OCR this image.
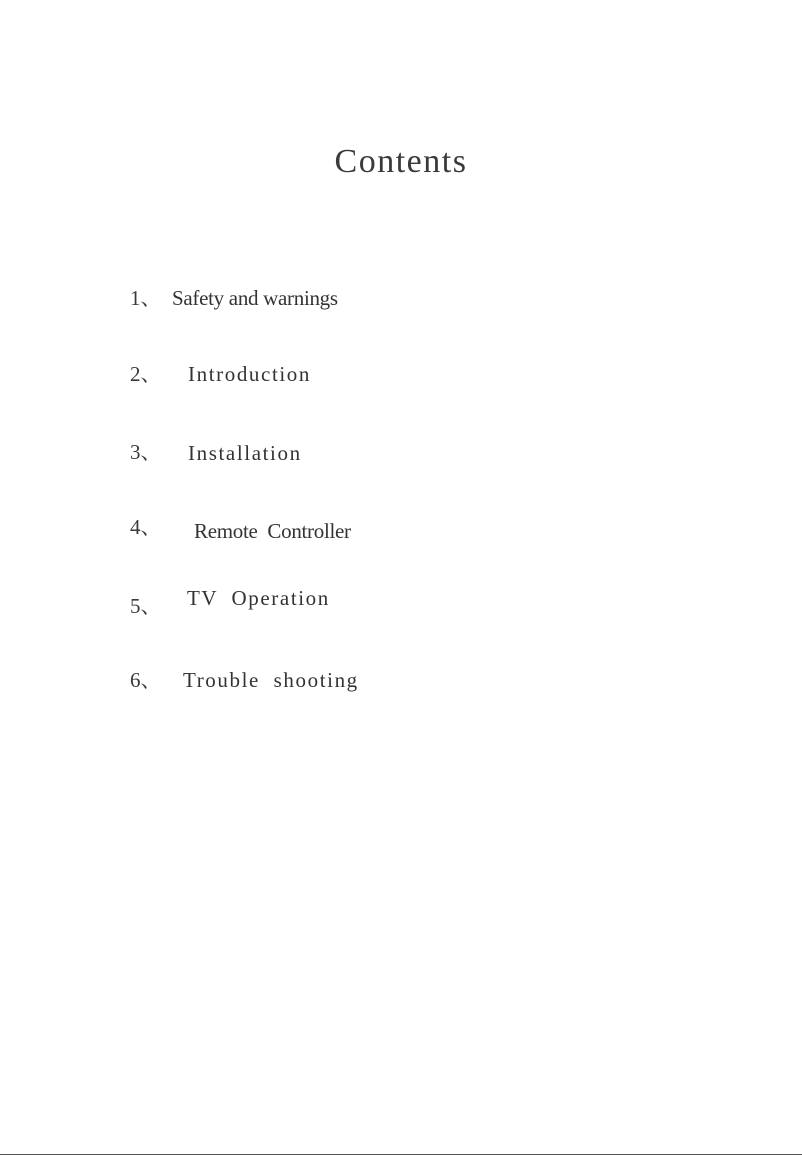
Contents
1、 Safety and warnings
2、 Introduction
3、 Installation
4、 Remote  Controller
5、 TV  Operation
6、 Trouble  shooting
